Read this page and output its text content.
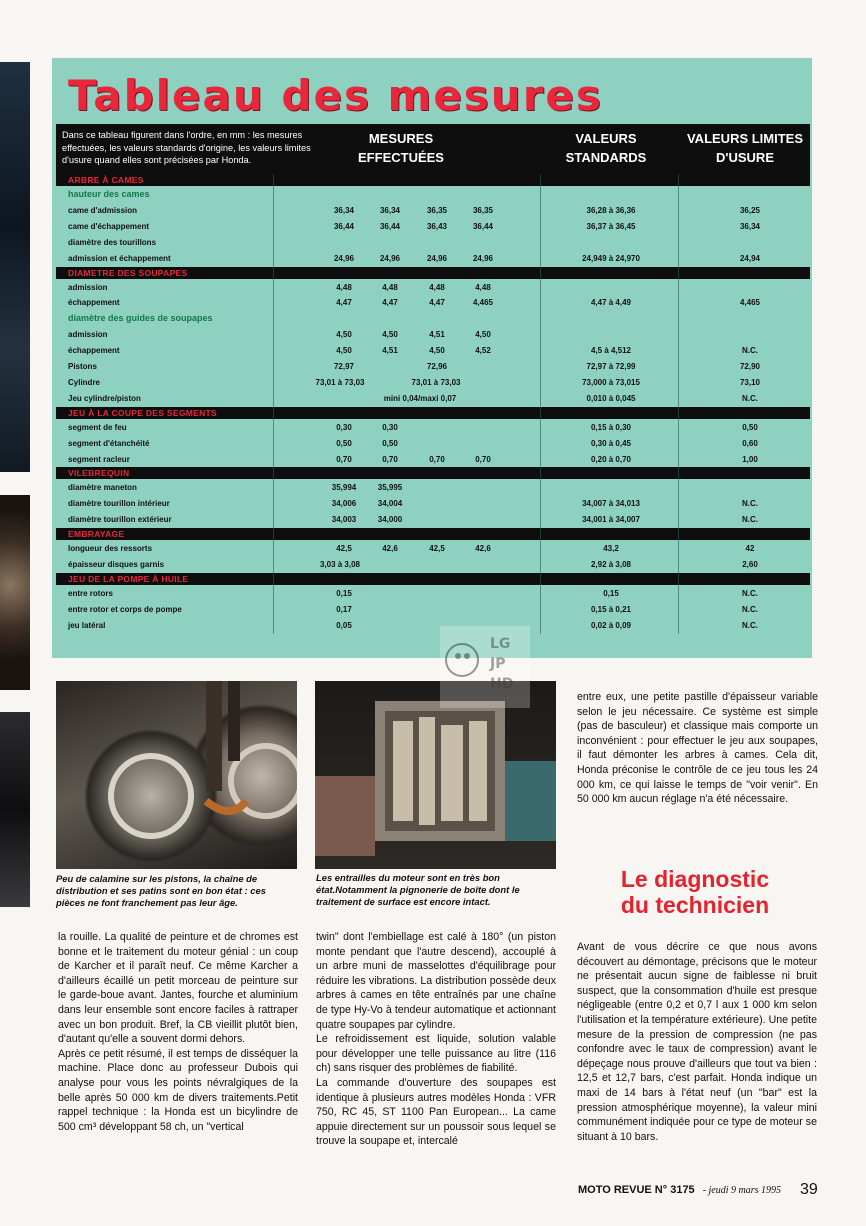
Tableau des mesures
Dans ce tableau figurent dans l'ordre, en mm : les mesures effectuées, les valeurs standards d'origine, les valeurs limites d'usure quand elles sont précisées par Honda.
MESURES EFFECTUÉES
VALEURS STANDARDS
VALEURS LIMITES D'USURE
ARBRE À CAMES
hauteur des cames
came d'admission	36,34	36,34	36,35	36,35	36,28 à 36,36	36,25
came d'échappement	36,44	36,44	36,43	36,44	36,37 à 36,45	36,34
diamètre des tourillons
admission et échappement	24,96	24,96	24,96	24,96	24,949 à 24,970	24,94
DIAMETRE DES SOUPAPES
admission	4,48	4,48	4,48	4,48
échappement	4,47	4,47	4,47	4,465	4,47 à 4,49	4,465
diamètre des guides de soupapes
admission	4,50	4,50	4,51	4,50
échappement	4,50	4,51	4,50	4,52	4,5 à 4,512	N.C.
Pistons	72,97	72,96	72,97 à 72,99	72,90
Cylindre	73,01 à 73,03	73,01 à 73,03	73,000 à 73,015	73,10
Jeu cylindre/piston	mini 0,04/maxi 0,07	0,010 à 0,045	N.C.
JEU À LA COUPE DES SEGMENTS
segment de feu	0,30	0,30	0,15 à 0,30	0,50
segment d'étanchéité	0,50	0,50	0,30 à 0,45	0,60
segment racleur	0,70	0,70	0,70	0,70	0,20 à 0,70	1,00
VILEBREQUIN
diamètre maneton	35,994	35,995
diamètre tourillon intérieur	34,006	34,004	34,007 à 34,013	N.C.
diamètre tourillon extérieur	34,003	34,000	34,001 à 34,007	N.C.
EMBRAYAGE
longueur des ressorts	42,5	42,6	42,5	42,6	43,2	42
épaisseur disques garnis	3,03 à 3,08	2,92 à 3,08	2,60
JEU DE LA POMPE À HUILE
entre rotors	0,15	0,15	N.C.
entre rotor et corps de pompe	0,17	0,15 à 0,21	N.C.
jeu latéral	0,05	0,02 à 0,09	N.C.
Peu de calamine sur les pistons, la chaîne de distribution et ses patins sont en bon état : ces pièces ne font franchement pas leur âge.
Les entrailles du moteur sont en très bon état.Notamment la pignonerie de boîte dont le traitement de surface est encore intact.
LG
JP
HD
entre eux, une petite pastille d'épaisseur variable selon le jeu nécessaire. Ce système est simple (pas de basculeur) et classique mais comporte un inconvénient : pour effectuer le jeu aux soupapes, il faut démonter les arbres à cames. Cela dit, Honda préconise le contrôle de ce jeu tous les 24 000 km, ce qui laisse le temps de "voir venir". En 50 000 km aucun réglage n'a été nécessaire.
Le diagnostic
du technicien

la rouille. La qualité de peinture et de chromes est bonne et le traitement du moteur génial : un coup de Karcher et il paraît neuf. Ce même Karcher a d'ailleurs écaillé un petit morceau de peinture sur le garde-boue avant. Jantes, fourche et aluminium dans leur ensemble sont encore faciles à rattraper avec un bon produit. Bref, la CB vieillit plutôt bien, d'autant qu'elle a souvent dormi dehors.

Après ce petit résumé, il est temps de disséquer la machine. Place donc au professeur Dubois qui analyse pour vous les points névralgiques de la belle après 50 000 km de divers traitements.Petit rappel technique : la Honda est un bicylindre de 500 cm³ développant 58 ch, un "vertical

twin" dont l'embiellage est calé à 180° (un piston monte pendant que l'autre descend), accouplé à un arbre muni de masselottes d'équilibrage pour réduire les vibrations. La distribution possède deux arbres à cames en tête entraînés par une chaîne de type Hy-Vo à tendeur automatique et actionnant quatre soupapes par cylindre.

Le refroidissement est liquide, solution valable pour développer une telle puissance au litre (116 ch) sans risquer des problèmes de fiabilité.

La commande d'ouverture des soupapes est identique à plusieurs autres modèles Honda : VFR 750, RC 45, ST 1100 Pan European... La came appuie directement sur un poussoir sous lequel se trouve la soupape et, intercalé

Avant de vous décrire ce que nous avons découvert au démontage, précisons que le moteur ne présentait aucun signe de faiblesse ni bruit suspect, que la consommation d'huile est presque négligeable (entre 0,2 et 0,7 l aux 1 000 km selon l'utilisation et la température extérieure). Une petite mesure de la pression de compression (ne pas confondre avec le taux de compression) avant le dépeçage nous prouve d'ailleurs que tout va bien : 12,5 et 12,7 bars, c'est parfait. Honda indique un maxi de 14 bars à l'état neuf (un "bar" est la pression atmosphérique moyenne), la valeur mini communément indiquée pour ce type de moteur se situant à 10 bars.

MOTO REVUE N° 3175 - jeudi 9 mars 1995 39
